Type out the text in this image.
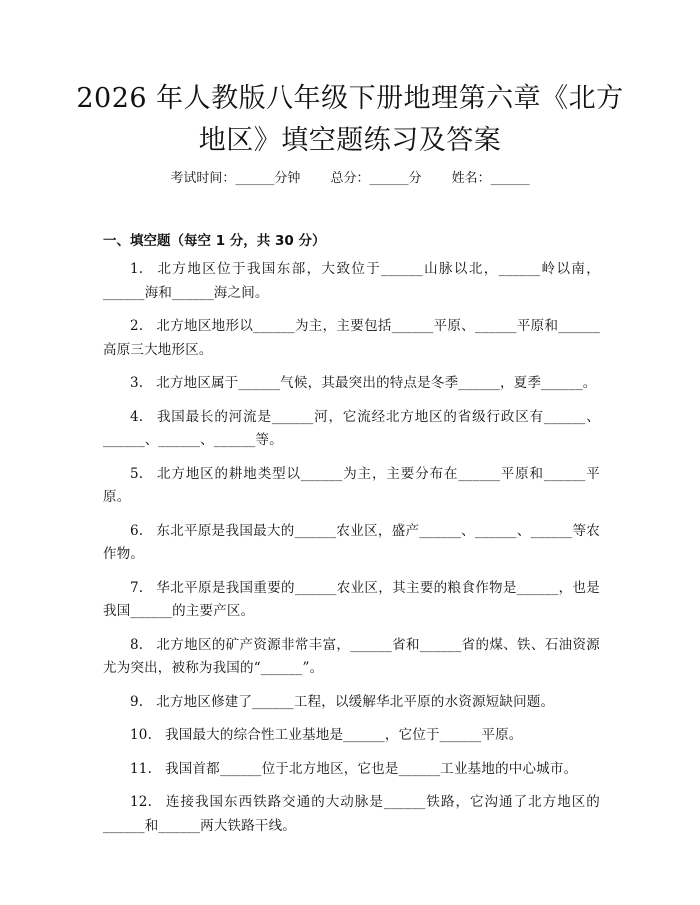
2026 年人教版八年级下册地理第六章《北方
地区》填空题练习及答案
考试时间：______分钟 总分：______分 姓名：______
一、填空题（每空 1 分，共 30 分）
1. 北方地区位于我国东部，大致位于______山脉以北，______岭以南，______海和______海之间。
2. 北方地区地形以______为主，主要包括______平原、______平原和______高原三大地形区。
3. 北方地区属于______气候，其最突出的特点是冬季______，夏季______。
4. 我国最长的河流是______河，它流经北方地区的省级行政区有______、______、______、______等。
5. 北方地区的耕地类型以______为主，主要分布在______平原和______平原。
6. 东北平原是我国最大的______农业区，盛产______、______、______等农作物。
7. 华北平原是我国重要的______农业区，其主要的粮食作物是______，也是我国______的主要产区。
8. 北方地区的矿产资源非常丰富，______省和______省的煤、铁、石油资源尤为突出，被称为我国的“______”。
9. 北方地区修建了______工程，以缓解华北平原的水资源短缺问题。
10. 我国最大的综合性工业基地是______，它位于______平原。
11. 我国首都______位于北方地区，它也是______工业基地的中心城市。
12. 连接我国东西铁路交通的大动脉是______铁路，它沟通了北方地区的______和______两大铁路干线。
